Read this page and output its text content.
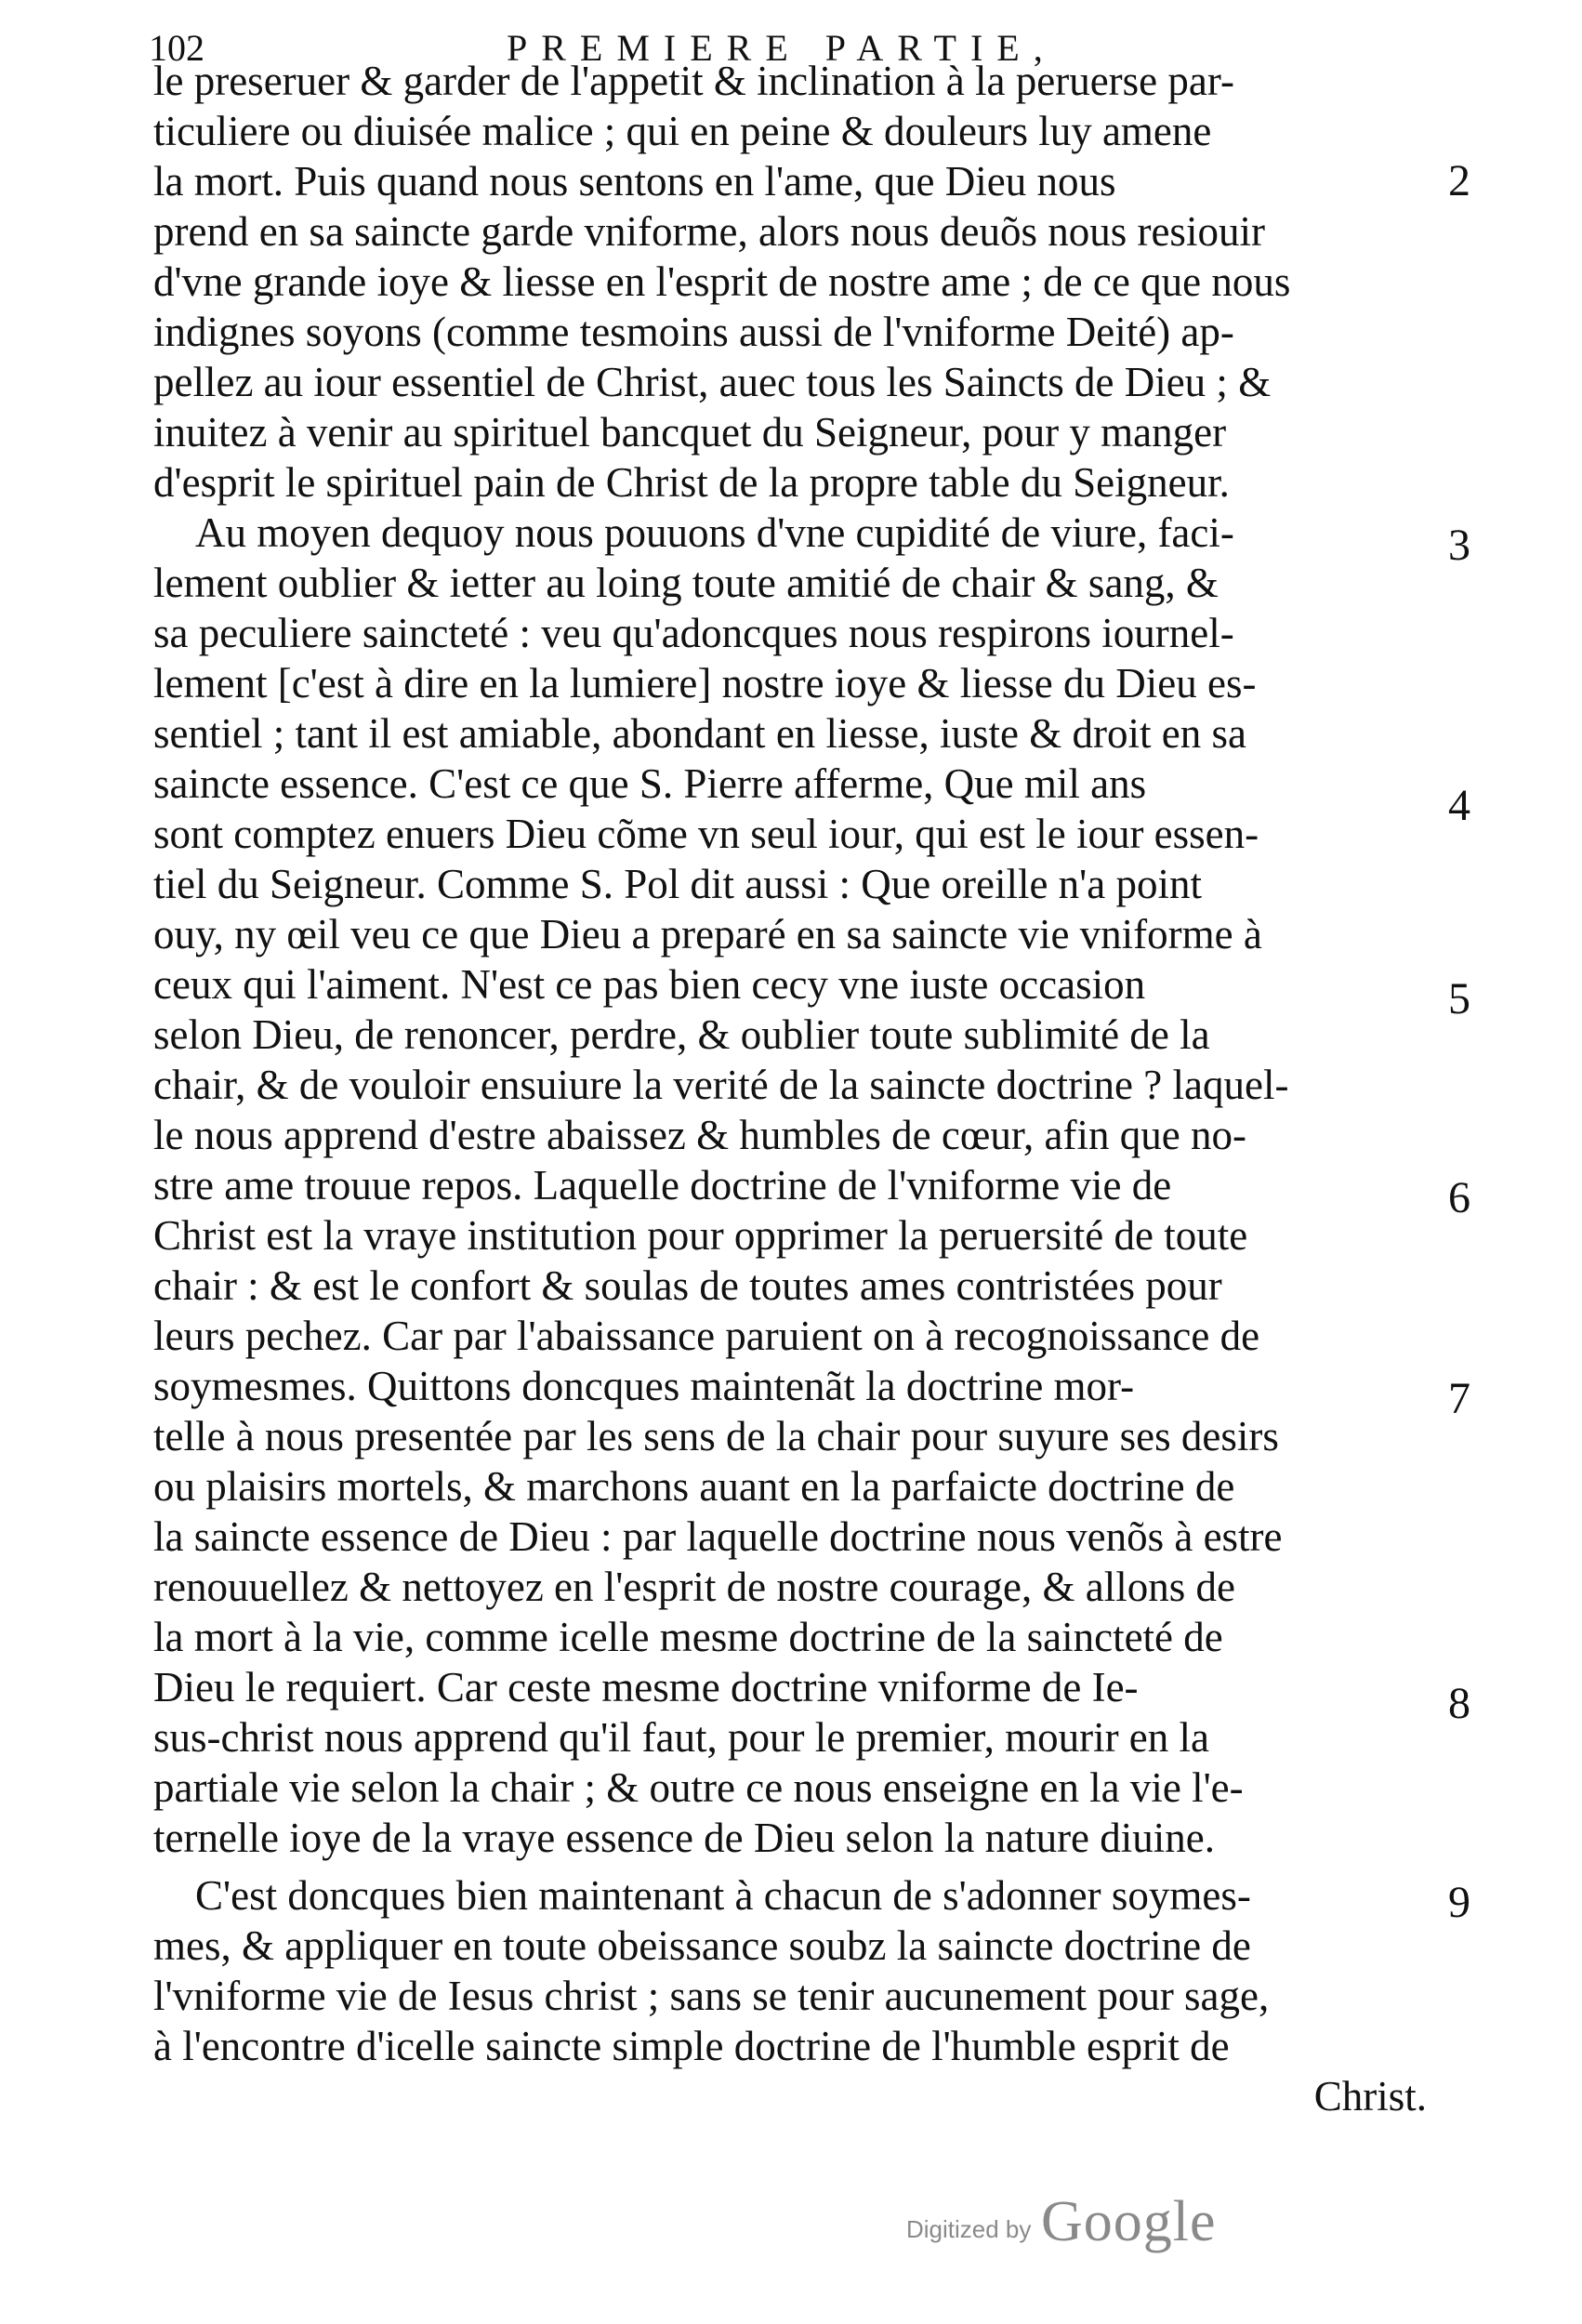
102	PREMIERE PARTIE,
le preseruer & garder de l'appetit & inclination à la peruerse par-
ticuliere ou diuisée malice ; qui en peine & douleurs luy amene
la mort. Puis quand nous sentons en l'ame, que Dieu nous
prend en sa saincte garde vniforme, alors nous deuõs nous resiouir
d'vne grande ioye & liesse en l'esprit de nostre ame ; de ce que nous
indignes soyons (comme tesmoins aussi de l'vniforme Deité) ap-
pellez au iour essentiel de Christ, auec tous les Saincts de Dieu ; &
inuitez à venir au spirituel bancquet du Seigneur, pour y manger
d'esprit le spirituel pain de Christ de la propre table du Seigneur.
Au moyen dequoy nous pouuons d'vne cupidité de viure, faci-
lement oublier & ietter au loing toute amitié de chair & sang, &
sa peculiere saincteté : veu qu'adoncques nous respirons iournel-
lement [c'est à dire en la lumiere] nostre ioye & liesse du Dieu es-
sentiel ; tant il est amiable, abondant en liesse, iuste & droit en sa
saincte essence. C'est ce que S. Pierre afferme, Que mil ans
sont comptez enuers Dieu cõme vn seul iour, qui est le iour essen-
tiel du Seigneur. Comme S. Pol dit aussi : Que oreille n'a point
ouy, ny œil veu ce que Dieu a preparé en sa saincte vie vniforme à
ceux qui l'aiment. N'est ce pas bien cecy vne iuste occasion
selon Dieu, de renoncer, perdre, & oublier toute sublimité de la
chair, & de vouloir ensuiure la verité de la saincte doctrine ? laquel-
le nous apprend d'estre abaissez & humbles de cœur, afin que no-
stre ame trouue repos. Laquelle doctrine de l'vniforme vie de
Christ est la vraye institution pour opprimer la peruersité de toute
chair : & est le confort & soulas de toutes ames contristées pour
leurs pechez. Car par l'abaissance paruient on à recognoissance de
soymesmes. Quittons doncques maintenãt la doctrine mor-
telle à nous presentée par les sens de la chair pour suyure ses desirs
ou plaisirs mortels, & marchons auant en la parfaicte doctrine de
la saincte essence de Dieu : par laquelle doctrine nous venõs à estre
renouuellez & nettoyez en l'esprit de nostre courage, & allons de
la mort à la vie, comme icelle mesme doctrine de la saincteté de
Dieu le requiert. Car ceste mesme doctrine vniforme de Ie-
sus-christ nous apprend qu'il faut, pour le premier, mourir en la
partiale vie selon la chair ; & outre ce nous enseigne en la vie l'e-
ternelle ioye de la vraye essence de Dieu selon la nature diuine.
C'est doncques bien maintenant à chacun de s'adonner soymes-
mes, & appliquer en toute obeissance soubz la saincte doctrine de
l'vniforme vie de Iesus christ ; sans se tenir aucunement pour sage,
à l'encontre d'icelle saincte simple doctrine de l'humble esprit de
Christ.
2
3
4
5
6
7
8
9
Digitized by Google
